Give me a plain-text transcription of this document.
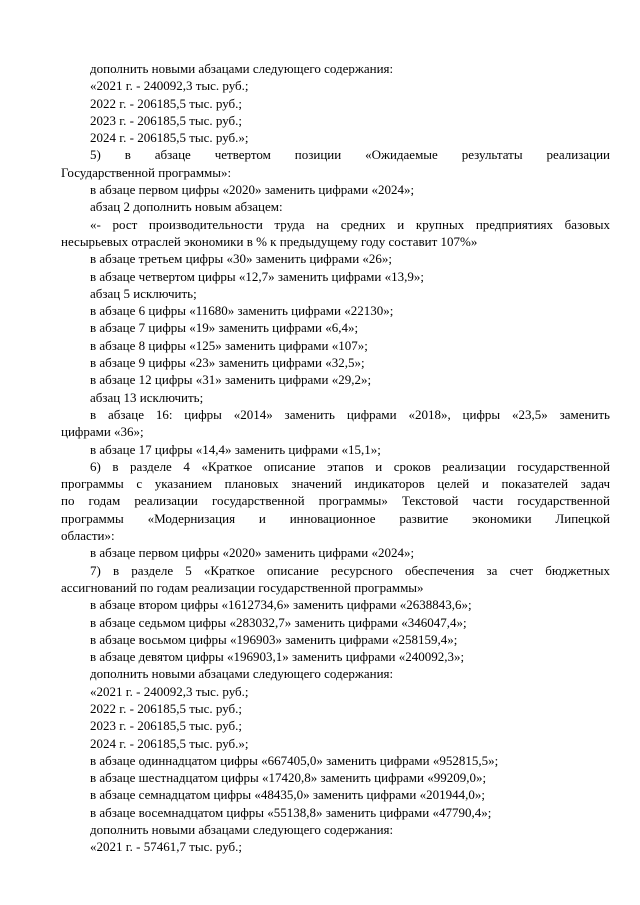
дополнить новыми абзацами следующего содержания:
«2021 г. - 240092,3 тыс. руб.;
2022 г. - 206185,5 тыс. руб.;
2023 г. - 206185,5 тыс. руб.;
2024 г. - 206185,5 тыс. руб.»;
5) в абзаце четвертом позиции «Ожидаемые результаты реализации
Государственной программы»:
в абзаце первом цифры «2020» заменить цифрами «2024»;
абзац 2 дополнить новым абзацем:
«- рост производительности труда на средних и крупных предприятиях базовых
несырьевых отраслей экономики в % к предыдущему году составит 107%»
в абзаце третьем цифры «30» заменить цифрами «26»;
в абзаце четвертом цифры «12,7» заменить цифрами «13,9»;
абзац 5 исключить;
в абзаце 6 цифры «11680» заменить цифрами «22130»;
в абзаце 7 цифры «19» заменить цифрами «6,4»;
в абзаце 8 цифры «125» заменить цифрами «107»;
в абзаце 9 цифры «23» заменить цифрами «32,5»;
в абзаце 12 цифры «31» заменить цифрами «29,2»;
абзац 13 исключить;
в абзаце 16: цифры «2014» заменить цифрами «2018», цифры «23,5» заменить
цифрами «36»;
в абзаце 17 цифры «14,4» заменить цифрами «15,1»;
6) в разделе 4 «Краткое описание этапов и сроков реализации государственной
программы с указанием плановых значений индикаторов целей и показателей задач
по годам реализации государственной программы» Текстовой части государственной
программы «Модернизация и инновационное развитие экономики Липецкой
области»:
в абзаце первом цифры «2020» заменить цифрами «2024»;
7) в разделе 5 «Краткое описание ресурсного обеспечения за счет бюджетных
ассигнований по годам реализации государственной программы»
в абзаце втором цифры «1612734,6» заменить цифрами «2638843,6»;
в абзаце седьмом цифры «283032,7» заменить цифрами «346047,4»;
в абзаце восьмом цифры «196903» заменить цифрами «258159,4»;
в абзаце девятом цифры «196903,1» заменить цифрами «240092,3»;
дополнить новыми абзацами следующего содержания:
«2021 г. - 240092,3 тыс. руб.;
2022 г. - 206185,5 тыс. руб.;
2023 г. - 206185,5 тыс. руб.;
2024 г. - 206185,5 тыс. руб.»;
в абзаце одиннадцатом цифры «667405,0» заменить цифрами «952815,5»;
в абзаце шестнадцатом цифры «17420,8» заменить цифрами «99209,0»;
в абзаце семнадцатом цифры «48435,0» заменить цифрами «201944,0»;
в абзаце восемнадцатом цифры «55138,8» заменить цифрами «47790,4»;
дополнить новыми абзацами следующего содержания:
«2021 г. - 57461,7 тыс. руб.;
